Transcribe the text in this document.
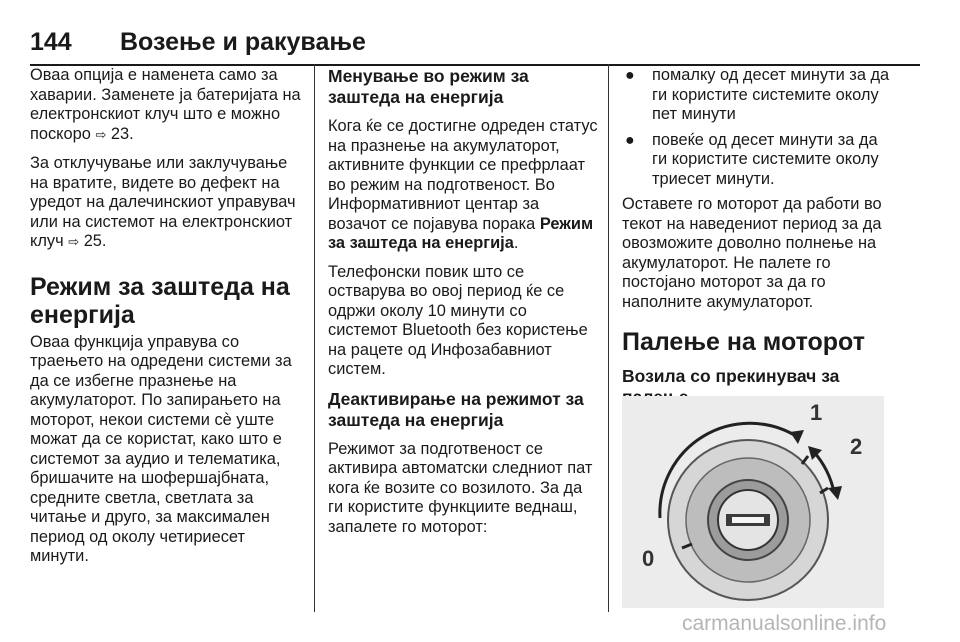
144 Возење и ракување

Оваа опција е наменета само за хаварии. Заменете ја батеријата на електронскиот клуч што е можно поскоро ⇨ 23.

За отклучување или заклучување на вратите, видете во дефект на уредот на далечинскиот управувач или на системот на електронскиот клуч ⇨ 25.

Режим за заштеда на енергија

Оваа функција управува со траењето на одредени системи за да се избегне празнење на акумулаторот. По запирањето на моторот, некои системи сѐ уште можат да се користат, како што е системот за аудио и телематика, бришачите на шофершајбната, средните светла, светлата за читање и друго, за максимален период од околу четириесет минути.

Менување во режим за заштеда на енергија

Кога ќе се достигне одреден статус на празнење на акумулаторот, активните функции се префрлаат во режим на подготвеност. Во Информативниот центар за возачот се појавува порака Режим за заштеда на енергија.

Телефонски повик што се остварува во овој период ќе се одржи околу 10 минути со системот Bluetooth без користење на рацете од Инфозабавниот систем.

Деактивирање на режимот за заштеда на енергија

Режимот за подготвеност се активира автоматски следниот пат кога ќе возите со возилото. За да ги користите функциите веднаш, запалете го моторот:

● помалку од десет минути за да ги користите системите околу пет минути
● повеќе од десет минути за да ги користите системите околу триесет минути.

Оставете го моторот да работи во текот на наведениот период за да овозможите доволно полнење на акумулаторот. Не палете го постојано моторот за да го наполните акумулаторот.

Палење на моторот
Возила со прекинувач за
0
1
2
carmanualsonline.info
